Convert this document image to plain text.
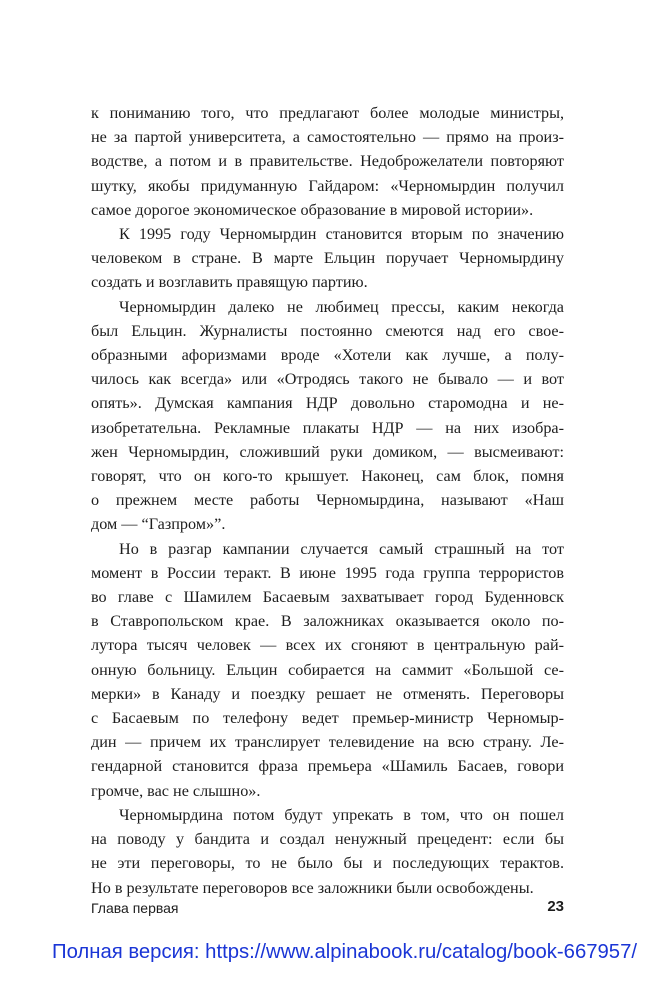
к пониманию того, что предлагают более молодые министры,
не за партой университета, а самостоятельно — прямо на произ-
водстве, а потом и в правительстве. Недоброжелатели повторяют
шутку, якобы придуманную Гайдаром: «Черномырдин получил
самое дорогое экономическое образование в мировой истории».
К 1995 году Черномырдин становится вторым по значению
человеком в стране. В марте Ельцин поручает Черномырдину
создать и возглавить правящую партию.
Черномырдин далеко не любимец прессы, каким некогда
был Ельцин. Журналисты постоянно смеются над его свое-
образными афоризмами вроде «Хотели как лучше, а полу-
чилось как всегда» или «Отродясь такого не бывало — и вот
опять». Думская кампания НДР довольно старомодна и не-
изобретательна. Рекламные плакаты НДР — на них изобра-
жен Черномырдин, сложивший руки домиком, — высмеивают:
говорят, что он кого-то крышует. Наконец, сам блок, помня
о прежнем месте работы Черномырдина, называют «Наш
дом — “Газпром»”.
Но в разгар кампании случается самый страшный на тот
момент в России теракт. В июне 1995 года группа террористов
во главе с Шамилем Басаевым захватывает город Буденновск
в Ставропольском крае. В заложниках оказывается около по-
лутора тысяч человек — всех их сгоняют в центральную рай-
онную больницу. Ельцин собирается на саммит «Большой се-
мерки» в Канаду и поездку решает не отменять. Переговоры
с Басаевым по телефону ведет премьер-министр Черномыр-
дин — причем их транслирует телевидение на всю страну. Ле-
гендарной становится фраза премьера «Шамиль Басаев, говори
громче, вас не слышно».
Черномырдина потом будут упрекать в том, что он пошел
на поводу у бандита и создал ненужный прецедент: если бы
не эти переговоры, то не было бы и последующих терактов.
Но в результате переговоров все заложники были освобождены.
Глава первая	23
Полная версия: https://www.alpinabook.ru/catalog/book-667957/
